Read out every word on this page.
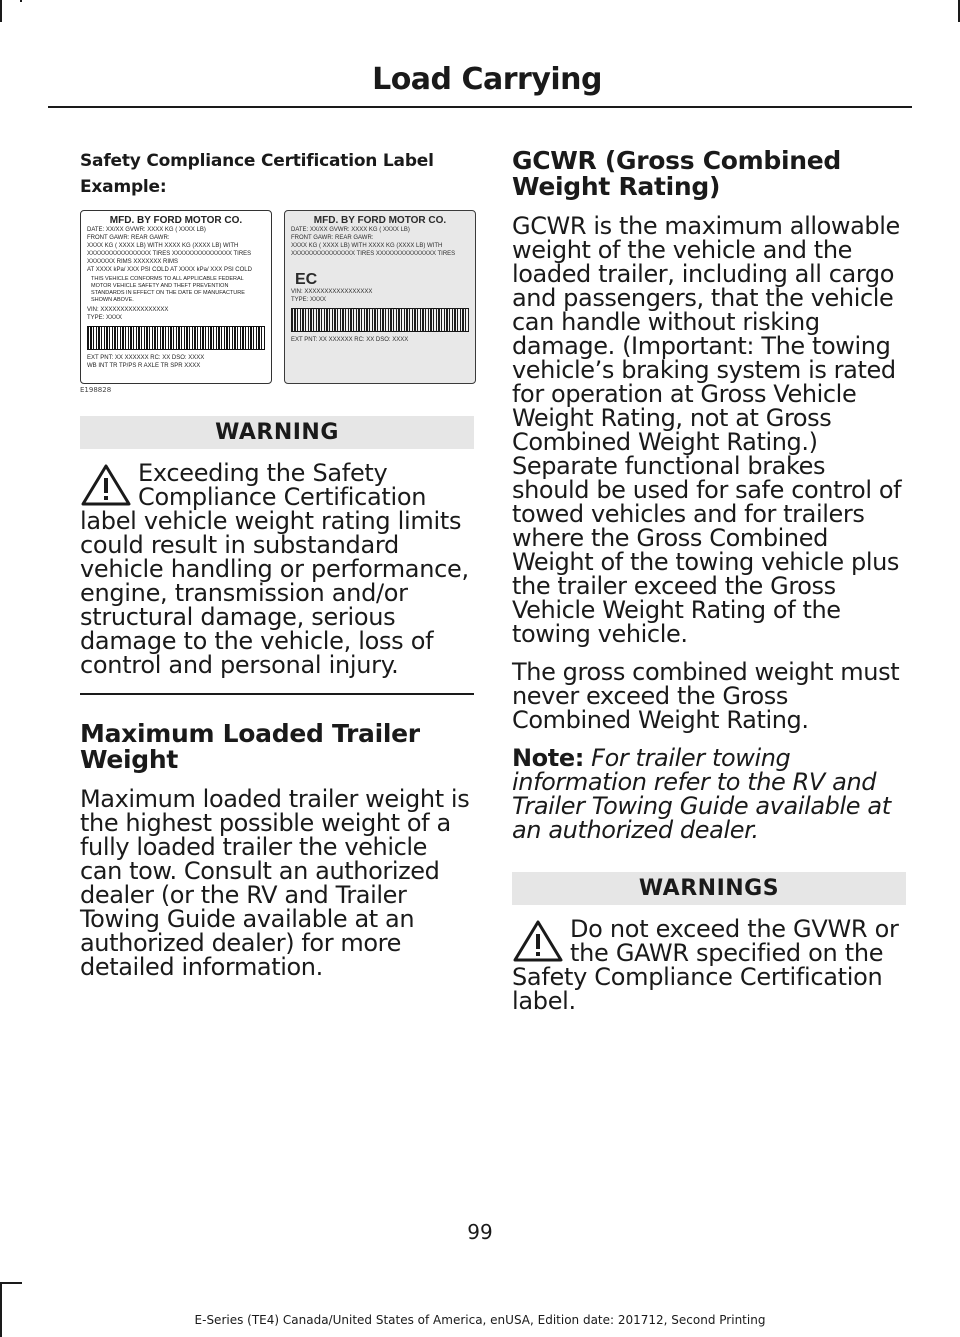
Load Carrying

Safety Compliance Certification Label

Example:

MFD. BY FORD MOTOR CO.
DATE: XX/XX GVWR: XXXX KG ( XXXX LB)
FRONT GAWR: REAR GAWR:
XXXX KG ( XXXX LB) WITH XXXX KG (XXXX LB) WITH
XXXXXXXXXXXXXXXX TIRES XXXXXXXXXXXXXXX TIRES
XXXXXXX RIMS XXXXXXX RIMS
AT XXXX kPa/ XXX PSI COLD AT XXXX kPa/ XXX PSI COLD
THIS VEHICLE CONFORMS TO ALL APPLICABLE FEDERAL MOTOR VEHICLE SAFETY AND THEFT PREVENTION STANDARDS IN EFFECT ON THE DATE OF MANUFACTURE SHOWN ABOVE.
VIN: XXXXXXXXXXXXXXXXX
TYPE: XXXX
EXT PNT: XX XXXXXX RC: XX DSO: XXXX
WB INT TR TP/PS R AXLE TR SPR XXXX
MFD. BY FORD MOTOR CO.
DATE: XX/XX GVWR: XXXX KG ( XXXX LB)
FRONT GAWR: REAR GAWR:
XXXX KG ( XXXX LB) WITH XXXX KG (XXXX LB) WITH
XXXXXXXXXXXXXXXX TIRES XXXXXXXXXXXXXXX TIRES
EC
VIN: XXXXXXXXXXXXXXXXX
TYPE: XXXX
EXT PNT: XX XXXXXX RC: XX DSO: XXXX
E198828
WARNING
Exceeding the Safety Compliance Certification label vehicle weight rating limits could result in substandard vehicle handling or performance, engine, transmission and/or structural damage, serious damage to the vehicle, loss of control and personal injury.
Maximum Loaded Trailer Weight

Maximum loaded trailer weight is the highest possible weight of a fully loaded trailer the vehicle can tow. Consult an authorized dealer (or the RV and Trailer Towing Guide available at an authorized dealer) for more detailed information.

GCWR (Gross Combined Weight Rating)

GCWR is the maximum allowable weight of the vehicle and the loaded trailer, including all cargo and passengers, that the vehicle can handle without risking damage. (Important: The towing vehicle’s braking system is rated for operation at Gross Vehicle Weight Rating, not at Gross Combined Weight Rating.) Separate functional brakes should be used for safe control of towed vehicles and for trailers where the Gross Combined Weight of the towing vehicle plus the trailer exceed the Gross Vehicle Weight Rating of the towing vehicle.

The gross combined weight must never exceed the Gross Combined Weight Rating.

Note: For trailer towing information refer to the RV and Trailer Towing Guide available at an authorized dealer.

WARNINGS
Do not exceed the GVWR or the GAWR specified on the Safety Compliance Certification label.
99
E-Series (TE4) Canada/United States of America, enUSA, Edition date: 201712, Second Printing
